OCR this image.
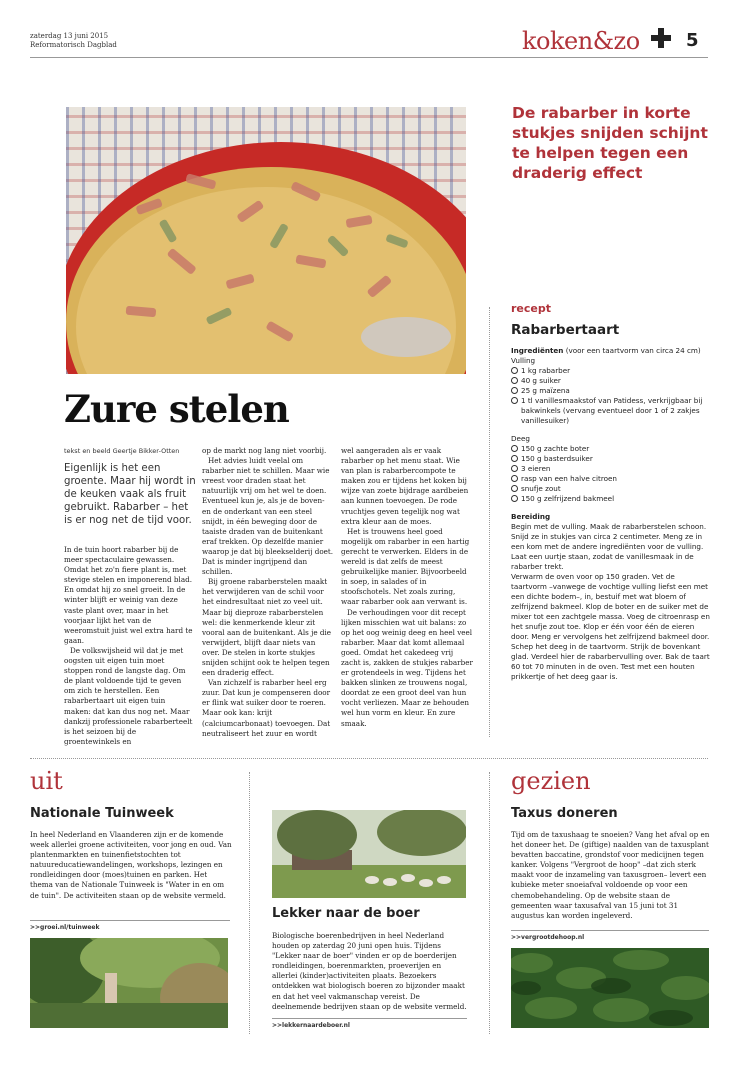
zaterdag 13 juni 2015
Reformatorisch Dagblad	koken&zo	5
De rabarber in korte stukjes snijden schijnt te helpen tegen een draderig effect
Zure stelen
tekst en beeld Geertje Bikker-Otten
Eigenlijk is het een groente. Maar hij wordt in de keuken vaak als fruit gebruikt. Rabarber – het is er nog net de tijd voor.

In de tuin hoort rabarber bij de meer spectaculaire gewassen. Omdat het zo'n fiere plant is, met stevige stelen en imponerend blad. En omdat hij zo snel groeit. In de winter blijft er weinig van deze vaste plant over, maar in het voorjaar lijkt het van de weeromstuit juist wel extra hard te gaan.

De volkswijsheid wil dat je met oogsten uit eigen tuin moet stoppen rond de langste dag. Om de plant voldoende tijd te geven om zich te herstellen. Een rabarbertaart uit eigen tuin maken: dat kan dus nog net. Maar dankzij professionele rabarberteelt is het seizoen bij de groentewinkels en

op de markt nog lang niet voorbij.

Het advies luidt veelal om rabarber niet te schillen. Maar wie vreest voor draden staat het natuurlijk vrij om het wel te doen. Eventueel kun je, als je de boven- en de onderkant van een steel snijdt, in één beweging door de taaiste draden van de buitenkant eraf trekken. Op dezelfde manier waarop je dat bij bleekselderij doet. Dat is minder ingrijpend dan schillen.

Bij groene rabarberstelen maakt het verwijderen van de schil voor het eindresultaat niet zo veel uit. Maar bij dieproze rabarberstelen wel: die kenmerkende kleur zit vooral aan de buitenkant. Als je die verwijdert, blijft daar niets van over. De stelen in korte stukjes snijden schijnt ook te helpen tegen een draderig effect.

Van zichzelf is rabarber heel erg zuur. Dat kun je compenseren door er flink wat suiker door te roeren. Maar ook kan: krijt (calciumcarbonaat) toevoegen. Dat neutraliseert het zuur en wordt

wel aangeraden als er vaak rabarber op het menu staat. Wie van plan is rabarbercompote te maken zou er tijdens het koken bij wijze van zoete bijdrage aardbeien aan kunnen toevoegen. De rode vruchtjes geven tegelijk nog wat extra kleur aan de moes.

Het is trouwens heel goed mogelijk om rabarber in een hartig gerecht te verwerken. Elders in de wereld is dat zelfs de meest gebruikelijke manier. Bijvoorbeeld in soep, in salades of in stoofschotels. Net zoals zuring, waar rabarber ook aan verwant is.

De verhoudingen voor dit recept lijken misschien wat uit balans: zo op het oog weinig deeg en heel veel rabarber. Maar dat komt allemaal goed. Omdat het cakedeeg vrij zacht is, zakken de stukjes rabarber er grotendeels in weg. Tijdens het bakken slinken ze trouwens nogal, doordat ze een groot deel van hun vocht verliezen. Maar ze behouden wel hun vorm en kleur. En zure smaak.

recept
Rabarbertaart
Ingrediënten (voor een taartvorm van circa 24 cm)
Vulling
1 kg rabarber
40 g suiker
25 g maïzena
1 tl vanillesmaakstof van Patidess, verkrijgbaar bij bakwinkels (vervang eventueel door 1 of 2 zakjes vanillesuiker)
Deeg
150 g zachte boter
150 g basterdsuiker
3 eieren
rasp van een halve citroen
snufje zout
150 g zelfrijzend bakmeel
Bereiding
Begin met de vulling. Maak de rabarberstelen schoon. Snijd ze in stukjes van circa 2 centimeter. Meng ze in een kom met de andere ingrediënten voor de vulling. Laat een uurtje staan, zodat de vanillesmaak in de rabarber trekt.
Verwarm de oven voor op 150 graden. Vet de taartvorm –vanwege de vochtige vulling liefst een met een dichte bodem–, in, bestuif met wat bloem of zelfrijzend bakmeel. Klop de boter en de suiker met de mixer tot een zachtgele massa. Voeg de citroenrasp en het snufje zout toe. Klop er één voor één de eieren door. Meng er vervolgens het zelfrijzend bakmeel door. Schep het deeg in de taartvorm. Strijk de bovenkant glad. Verdeel hier de rabarbervulling over. Bak de taart 60 tot 70 minuten in de oven. Test met een houten prikkertje of het deeg gaar is.
uit
Nationale Tuinweek
In heel Nederland en Vlaanderen zijn er de komende week allerlei groene activiteiten, voor jong en oud. Van plantenmarkten en tuinenfietstochten tot natuureducatiewandelingen, workshops, lezingen en rondleidingen door (moes)tuinen en parken. Het thema van de Nationale Tuinweek is "Water in en om de tuin". De activiteiten staan op de website vermeld.
>>groei.nl/tuinweek
Lekker naar de boer
Biologische boerenbedrijven in heel Nederland houden op zaterdag 20 juni open huis. Tijdens "Lekker naar de boer" vinden er op de boerderijen rondleidingen, boerenmarkten, proeverijen en allerlei (kinder)activiteiten plaats. Bezoekers ontdekken wat biologisch boeren zo bijzonder maakt en dat het veel vakmanschap vereist. De deelnemende bedrijven staan op de website vermeld.
>>lekkernaardeboer.nl
gezien
Taxus doneren
Tijd om de taxushaag te snoeien? Vang het afval op en het doneer het. De (giftige) naalden van de taxusplant bevatten baccatine, grondstof voor medicijnen tegen kanker. Volgens "Vergroot de hoop" –dat zich sterk maakt voor de inzameling van taxusgroen– levert een kubieke meter snoeiafval voldoende op voor een chemobehandeling. Op de website staan de gemeenten waar taxusafval van 15 juni tot 31 augustus kan worden ingeleverd.
>>vergrootdehoop.nl
